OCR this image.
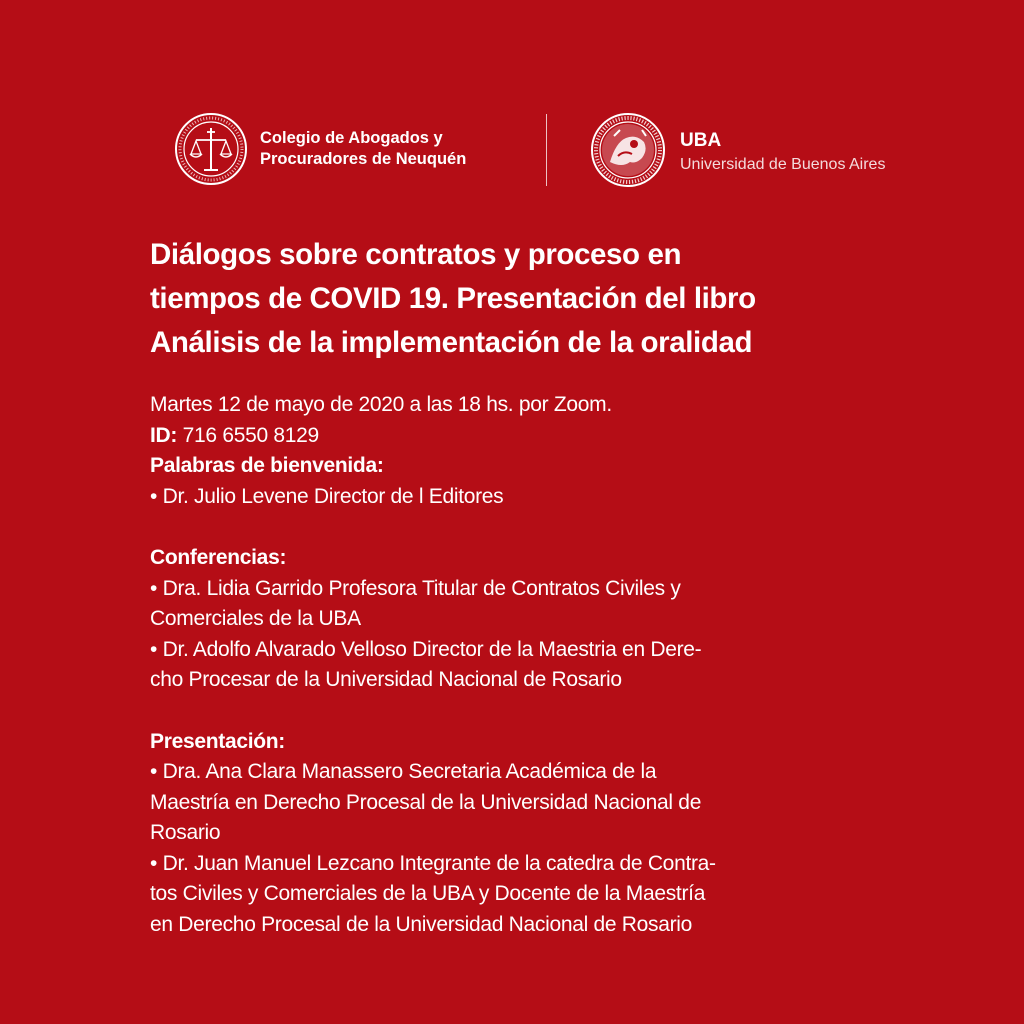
Colegio de Abogados y
Procuradores de Neuquén
UBA
Universidad de Buenos Aires
Diálogos sobre contratos y proceso en
tiempos de COVID 19. Presentación del libro
Análisis de la implementación de la oralidad
Martes 12 de mayo de 2020 a las 18 hs. por Zoom.
ID: 716 6550 8129
Palabras de bienvenida:
• Dr. Julio Levene Director de l Editores
Conferencias:
• Dra. Lidia Garrido Profesora Titular de Contratos Civiles y
Comerciales de la UBA
• Dr. Adolfo Alvarado Velloso Director de la Maestria en Dere-
cho Procesar de la Universidad Nacional de Rosario
Presentación:
• Dra. Ana Clara Manassero Secretaria Académica de la
Maestría en Derecho Procesal de la Universidad Nacional de
Rosario
• Dr. Juan Manuel Lezcano Integrante de la catedra de Contra-
tos Civiles y Comerciales de la UBA y Docente de la Maestría
en Derecho Procesal de la Universidad Nacional de Rosario
